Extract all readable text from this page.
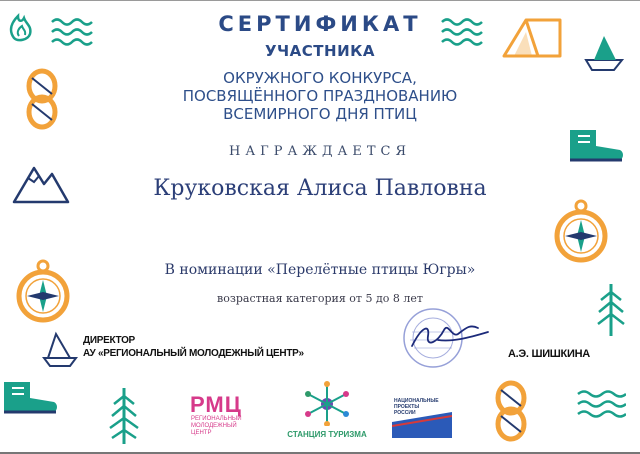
СЕРТИФИКАТ
УЧАСТНИКА
ОКРУЖНОГО КОНКУРСА,
ПОСВЯЩЁННОГО ПРАЗДНОВАНИЮ
ВСЕМИРНОГО ДНЯ ПТИЦ
НАГРАЖДАЕТСЯ
Круковская Алиса Павловна
В номинации «Перелётные птицы Югры»
возрастная категория от 5 до 8 лет
ДИРЕКТОР
АУ «РЕГИОНАЛЬНЫЙ МОЛОДЕЖНЫЙ ЦЕНТР»	А.Э. ШИШКИНА
РМЦ
РЕГИОНАЛЬНЫЙ
МОЛОДЕЖНЫЙ
ЦЕНТР	СТАНЦИЯ ТУРИЗМА
НАЦИОНАЛЬНЫЕ
ПРОЕКТЫ
РОССИИ
